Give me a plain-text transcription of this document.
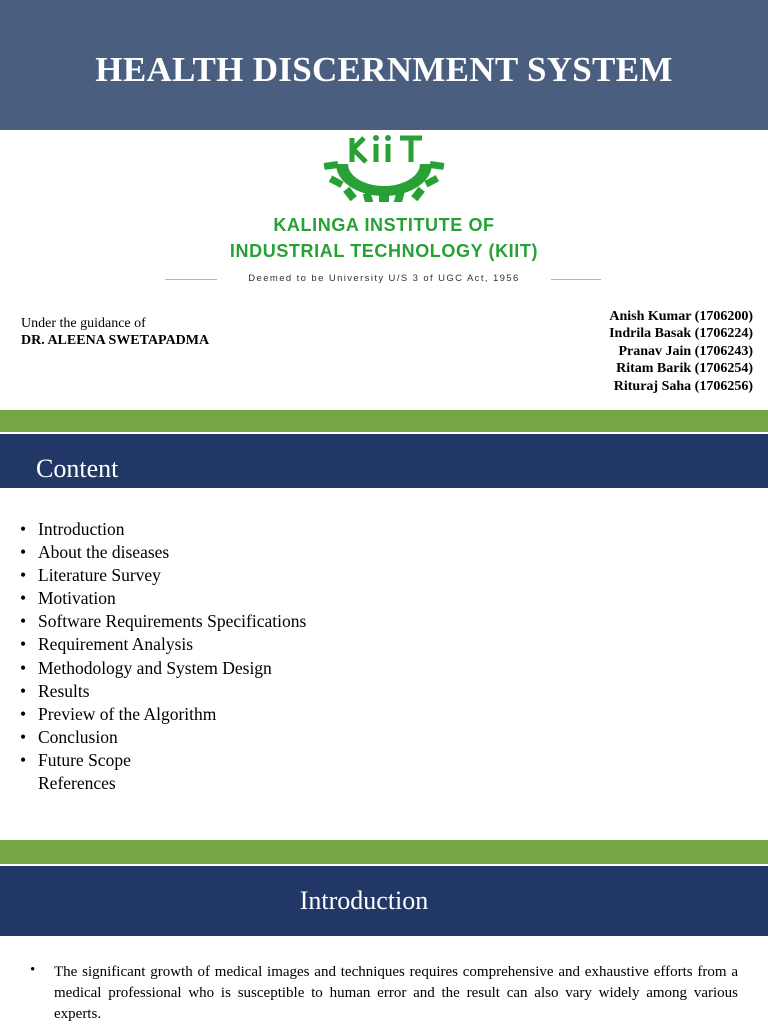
HEALTH DISCERNMENT SYSTEM
KALINGA INSTITUTE OF
INDUSTRIAL TECHNOLOGY (KIIT)
Deemed to be University U/S 3 of UGC Act, 1956
Under the guidance of
DR. ALEENA SWETAPADMA
Anish Kumar (1706200)
Indrila Basak (1706224)
Pranav Jain (1706243)
Ritam Barik (1706254)
Rituraj Saha (1706256)
Content
• Introduction
• About the diseases
• Literature Survey
• Motivation
• Software Requirements Specifications
• Requirement Analysis
• Methodology and System Design
• Results
• Preview of the Algorithm
• Conclusion
• Future Scope
References
Introduction
• The significant growth of medical images and techniques requires comprehensive and exhaustive efforts from a medical professional who is susceptible to human error and the result can also vary widely among various experts.
